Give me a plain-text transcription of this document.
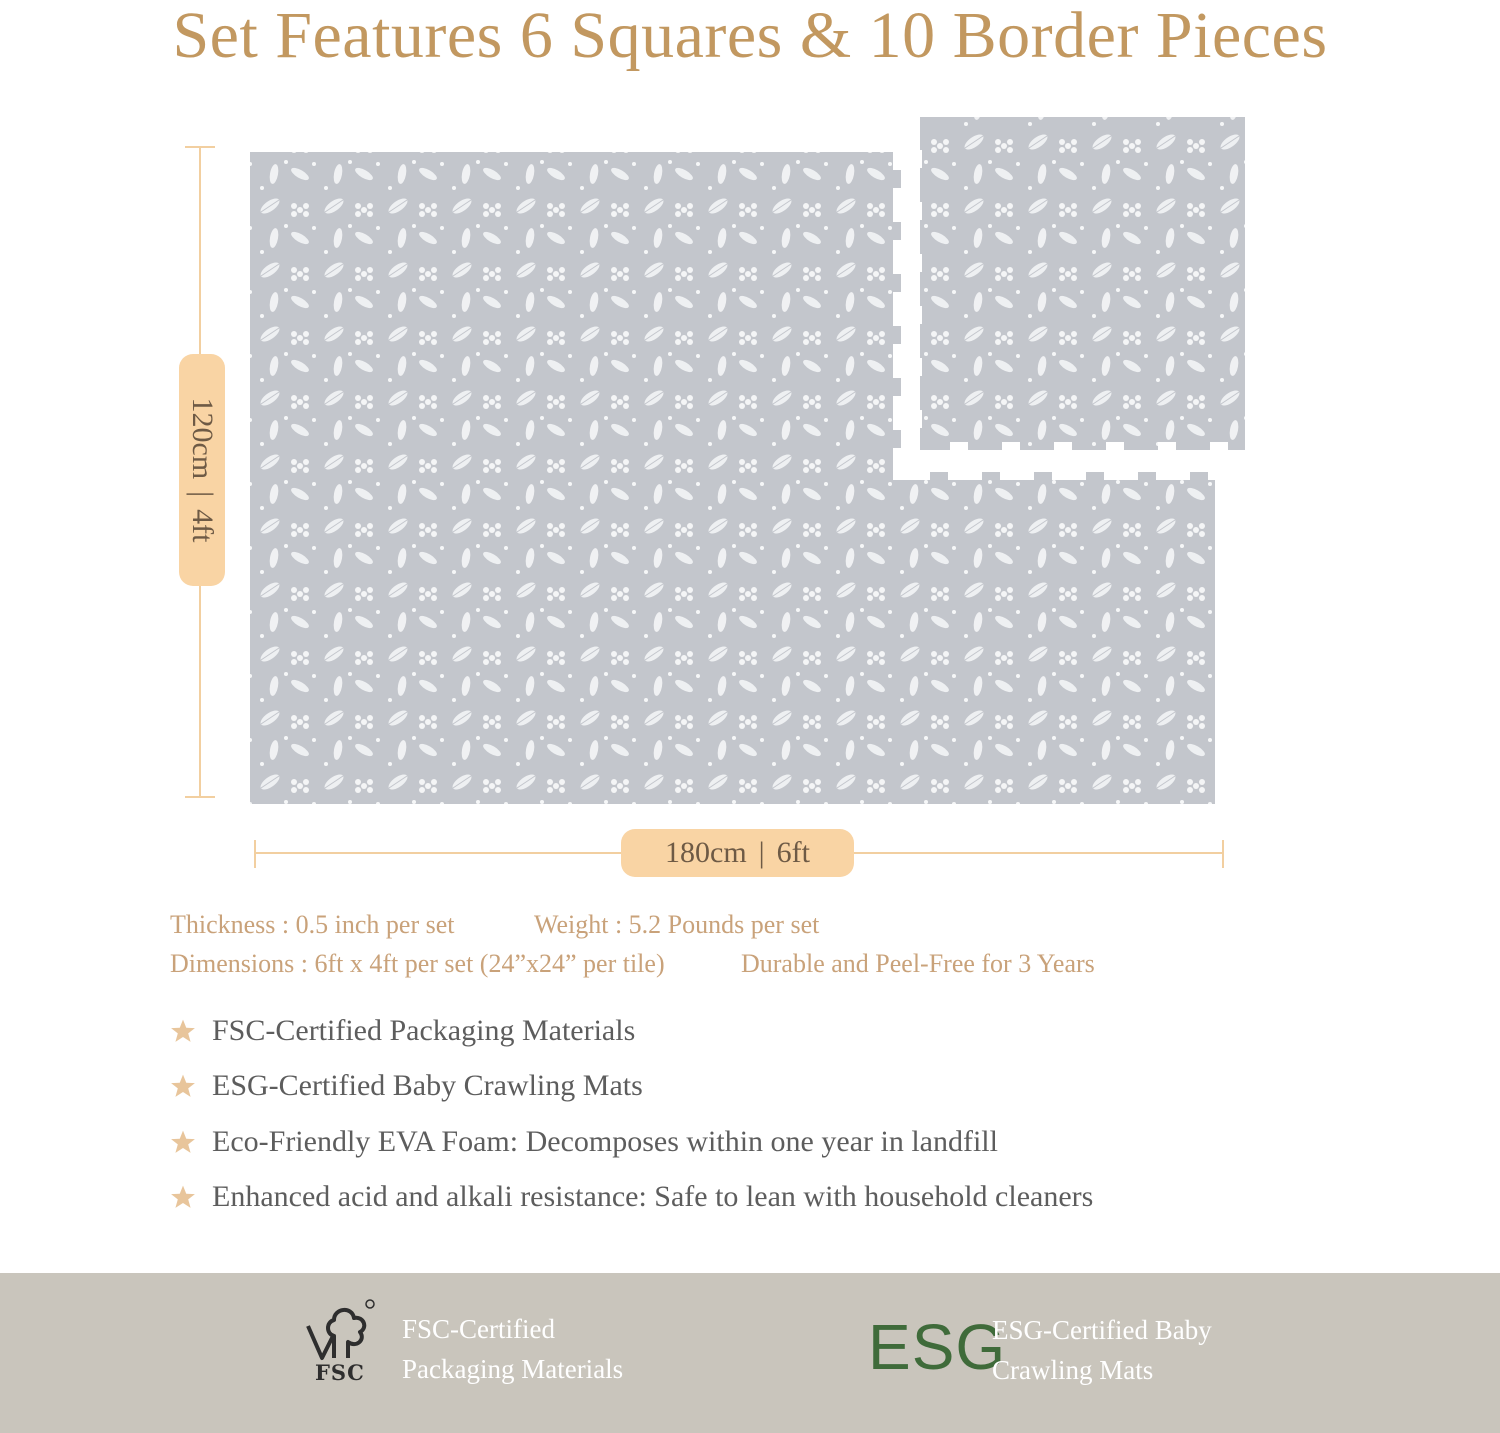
Set Features 6 Squares & 10 Border Pieces
120cm|4ft
180cm | 6ft
Thickness : 0.5 inch per set	Weight : 5.2 Pounds per set
Dimensions : 6ft x 4ft per set (24”x24” per tile)	Durable and Peel-Free for 3 Years
FSC-Certified Packaging Materials
ESG-Certified Baby Crawling Mats
Eco-Friendly EVA Foam: Decomposes within one year in landfill
Enhanced acid and alkali resistance: Safe to lean with household cleaners
FSC
FSC-Certified
Packaging Materials	ESG
ESG-Certified Baby
Crawling Mats
